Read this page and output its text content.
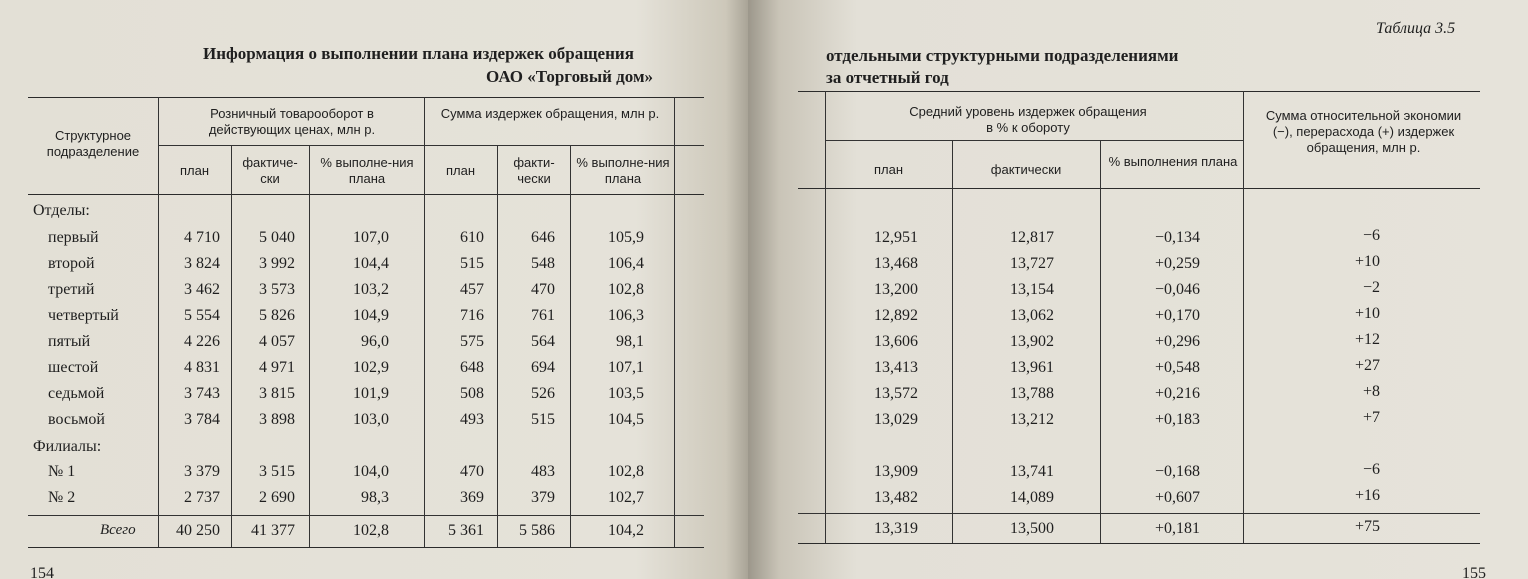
Информация о выполнении плана издержек обращения
ОАО «Торговый дом»
Структурное подразделение
Розничный товарооборот в действующих ценах, млн р.
Сумма издержек обращения, млн р.
план
фактиче-ски
% выполне-ния плана
план
факти-чески
% выполне-ния плана
Отделы:
Филиалы:
первый	4 710	5 040	107,0	610	646	105,9
второй	3 824	3 992	104,4	515	548	106,4
третий	3 462	3 573	103,2	457	470	102,8
четвертый	5 554	5 826	104,9	716	761	106,3
пятый	4 226	4 057	96,0	575	564	98,1
шестой	4 831	4 971	102,9	648	694	107,1
седьмой	3 743	3 815	101,9	508	526	103,5
восьмой	3 784	3 898	103,0	493	515	104,5
№ 1	3 379	3 515	104,0	470	483	102,8
№ 2	2 737	2 690	98,3	369	379	102,7
Всего	40 250	41 377	102,8	5 361	5 586	104,2
154
Таблица 3.5
отдельными структурными подразделениями
за отчетный год
Средний уровень издержек обращения в % к обороту
Сумма относительной экономии (−), перерасхода (+) издержек обращения, млн р.
план	фактически
% выполнения плана
12,951	12,817	−0,134	−6
13,468	13,727	+0,259	+10
13,200	13,154	−0,046	−2
12,892	13,062	+0,170	+10
13,606	13,902	+0,296	+12
13,413	13,961	+0,548	+27
13,572	13,788	+0,216	+8
13,029	13,212	+0,183	+7
13,909	13,741	−0,168	−6
13,482	14,089	+0,607	+16
13,319	13,500	+0,181	+75
155
